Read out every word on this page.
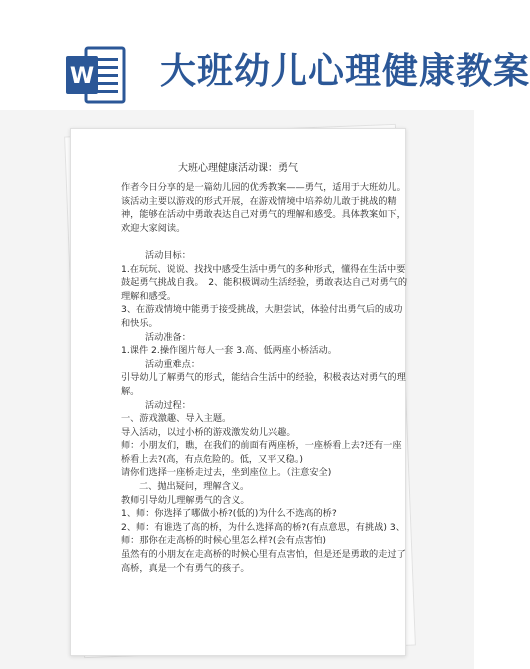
W 大班幼儿心理健康教案
大班心理健康活动课：勇气

作者今日分享的是一篇幼儿园的优秀教案——勇气，适用于大班幼儿。该活动主要以游戏的形式开展，在游戏情境中培养幼儿敢于挑战的精神，能够在活动中勇敢表达自己对勇气的理解和感受。具体教案如下，欢迎大家阅读。

活动目标：

1.在玩玩、说说、找找中感受生活中勇气的多种形式，懂得在生活中要鼓起勇气挑战自我。　2、能积极调动生活经验，勇敢表达自己对勇气的理解和感受。

3、在游戏情境中能勇于接受挑战，大胆尝试，体验付出勇气后的成功和快乐。

活动准备：

1.课件 2.操作图片每人一套 3.高、低两座小桥活动。

活动重难点：

引导幼儿了解勇气的形式，能结合生活中的经验，积极表达对勇气的理解。

活动过程：

一、游戏激趣、导入主题。

导入活动，以过小桥的游戏激发幼儿兴趣。

师：小朋友们，瞧，在我们的前面有两座桥，一座桥看上去?还有一座桥看上去?(高，有点危险的。低，又平又稳。)

请你们选择一座桥走过去，坐到座位上。（注意安全)

二、抛出疑问，理解含义。

教师引导幼儿理解勇气的含义。

1、师：你选择了哪做小桥?(低的)为什么不选高的桥?

2、师：有谁选了高的桥，为什么选择高的桥?(有点意思，有挑战) 3、师：那你在走高桥的时候心里怎么样?(会有点害怕)

虽然有的小朋友在走高桥的时候心里有点害怕，但是还是勇敢的走过了高桥，真是一个有勇气的孩子。
